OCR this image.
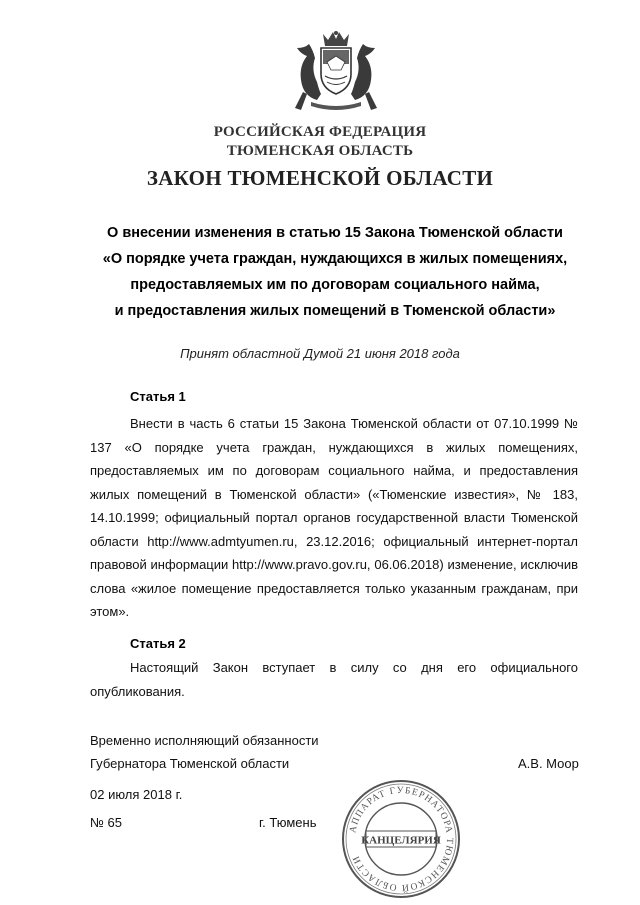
РОССИЙСКАЯ ФЕДЕРАЦИЯ
ТЮМЕНСКАЯ ОБЛАСТЬ
ЗАКОН ТЮМЕНСКОЙ ОБЛАСТИ
О внесении изменения в статью 15 Закона Тюменской области
«О порядке учета граждан, нуждающихся в жилых помещениях,
предоставляемых им по договорам социального найма,
и предоставления жилых помещений в Тюменской области»
Принят областной Думой 21 июня 2018 года
Статья 1
Внести в часть 6 статьи 15 Закона Тюменской области от 07.10.1999 № 137 «О порядке учета граждан, нуждающихся в жилых помещениях, предоставляемых им по договорам социального найма, и предоставления жилых помещений в Тюменской области» («Тюменские известия», № 183, 14.10.1999; официальный портал органов государственной власти Тюменской области http://www.admtyumen.ru, 23.12.2016; официальный интернет-портал правовой информации http://www.pravo.gov.ru, 06.06.2018) изменение, исключив слова «жилое помещение предоставляется только указанным гражданам, при этом».
Статья 2
Настоящий Закон вступает в силу со дня его официального опубликования.
Временно исполняющий обязанности
Губернатора Тюменской области	А.В. Моор
02 июля 2018 г.
№ 65	г. Тюмень	АППАРАТ ГУБЕРНАТОРА ТЮМЕНСКОЙ ОБЛАСТИ
КАНЦЕЛЯРИЯ
